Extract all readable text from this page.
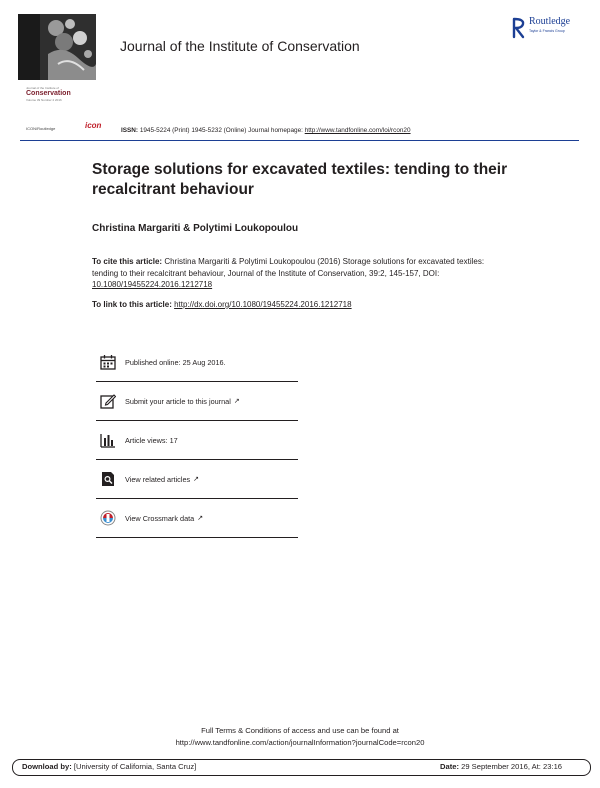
Journal of the Institute of
Conservation
Volume 39 Number 2 2016
Journal of the Institute of Conservation
Routledge
Taylor & Francis Group
ICON/Routledge	icon
ISSN: 1945-5224 (Print) 1945-5232 (Online) Journal homepage: http://www.tandfonline.com/loi/rcon20
Storage solutions for excavated textiles: tending to their recalcitrant behaviour
Christina Margariti & Polytimi Loukopoulou
To cite this article: Christina Margariti & Polytimi Loukopoulou (2016) Storage solutions for excavated textiles: tending to their recalcitrant behaviour, Journal of the Institute of Conservation, 39:2, 145-157, DOI: 10.1080/19455224.2016.1212718
To link to this article: http://dx.doi.org/10.1080/19455224.2016.1212718
Published online: 25 Aug 2016.
Submit your article to this journal ↗
Article views: 17
View related articles ↗
View Crossmark data ↗
Full Terms & Conditions of access and use can be found at
http://www.tandfonline.com/action/journalInformation?journalCode=rcon20
Download by: [University of California, Santa Cruz]	Date: 29 September 2016, At: 23:16
